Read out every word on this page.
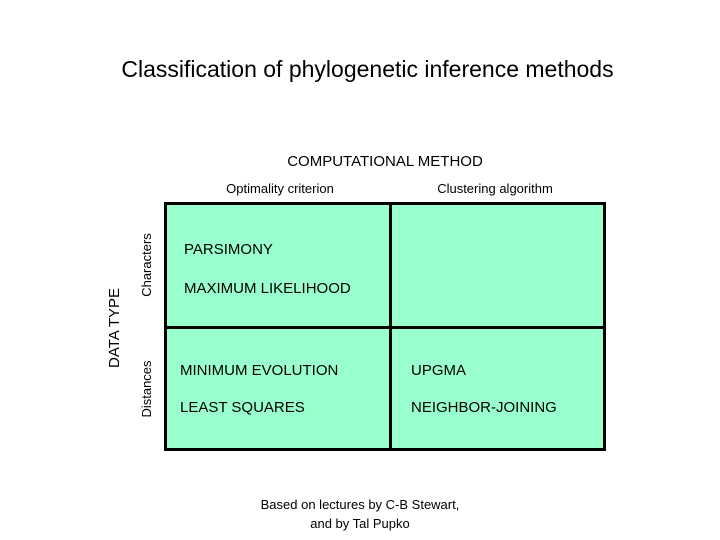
Classification of phylogenetic inference methods
COMPUTATIONAL METHOD
Optimality criterion	Clustering algorithm
DATA TYPE
Characters
Distances
PARSIMONY
MAXIMUM LIKELIHOOD
MINIMUM EVOLUTION
LEAST SQUARES
UPGMA
NEIGHBOR-JOINING
Based on lectures by C-B Stewart,
and by Tal Pupko
